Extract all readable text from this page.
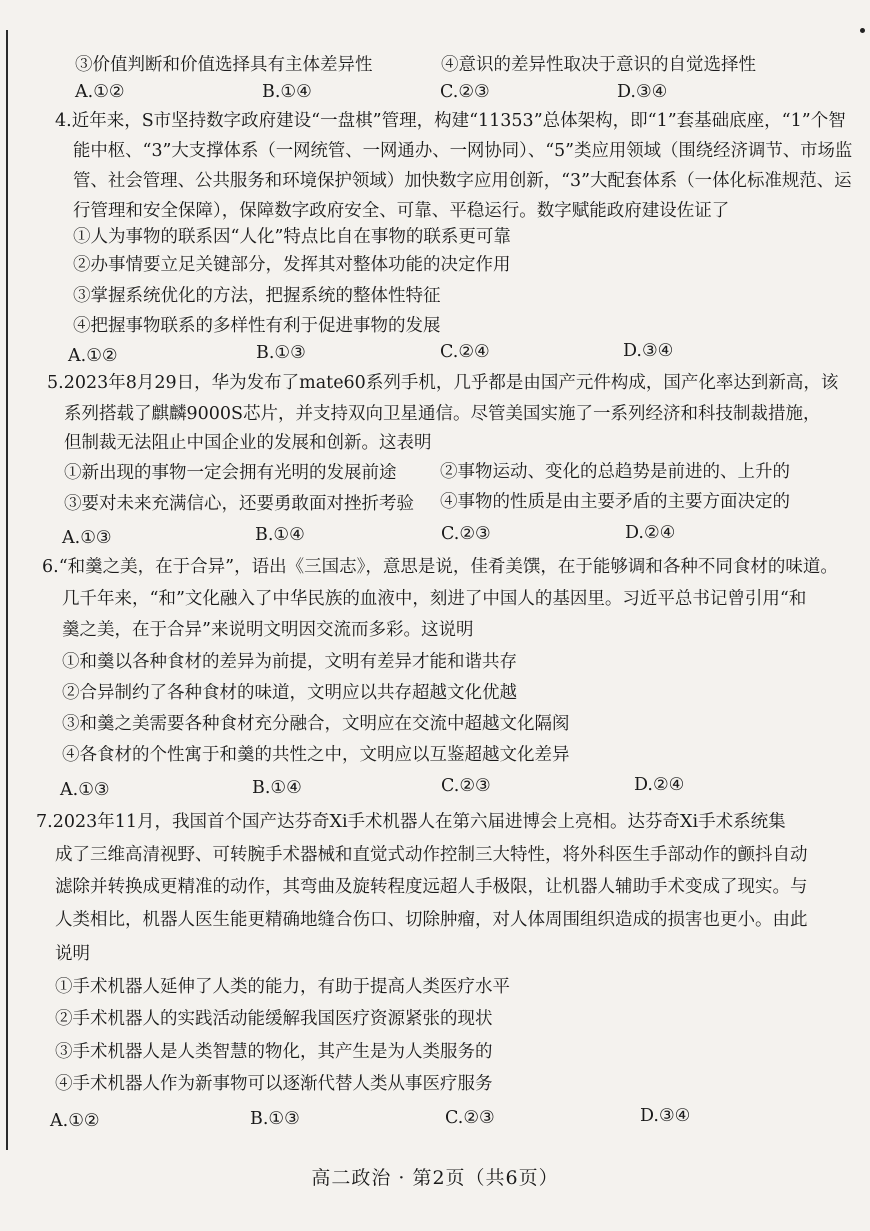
③价值判断和价值选择具有主体差异性	④意识的差异性取决于意识的自觉选择性
A.①②	B.①④	C.②③	D.③④
4.近年来，S市坚持数字政府建设“一盘棋”管理，构建“11353”总体架构，即“1”套基础底座，“1”个智
能中枢、“3”大支撑体系（一网统管、一网通办、一网协同）、“5”类应用领域（围绕经济调节、市场监
管、社会管理、公共服务和环境保护领域）加快数字应用创新，“3”大配套体系（一体化标准规范、运
行管理和安全保障），保障数字政府安全、可靠、平稳运行。数字赋能政府建设佐证了
①人为事物的联系因“人化”特点比自在事物的联系更可靠
②办事情要立足关键部分，发挥其对整体功能的决定作用
③掌握系统优化的方法，把握系统的整体性特征
④把握事物联系的多样性有利于促进事物的发展
A.①②	B.①③	C.②④	D.③④
5.2023年8月29日，华为发布了mate60系列手机，几乎都是由国产元件构成，国产化率达到新高，该
系列搭载了麒麟9000S芯片，并支持双向卫星通信。尽管美国实施了一系列经济和科技制裁措施，
但制裁无法阻止中国企业的发展和创新。这表明
①新出现的事物一定会拥有光明的发展前途 ②事物运动、变化的总趋势是前进的、上升的
③要对未来充满信心，还要勇敢面对挫折考验 ④事物的性质是由主要矛盾的主要方面决定的
A.①③	B.①④	C.②③	D.②④
6.“和羹之美，在于合异”，语出《三国志》，意思是说，佳肴美馔，在于能够调和各种不同食材的味道。
几千年来，“和”文化融入了中华民族的血液中，刻进了中国人的基因里。习近平总书记曾引用“和
羹之美，在于合异”来说明文明因交流而多彩。这说明
①和羹以各种食材的差异为前提，文明有差异才能和谐共存
②合异制约了各种食材的味道，文明应以共存超越文化优越
③和羹之美需要各种食材充分融合，文明应在交流中超越文化隔阂
④各食材的个性寓于和羹的共性之中，文明应以互鉴超越文化差异
A.①③	B.①④	C.②③	D.②④
7.2023年11月，我国首个国产达芬奇Xi手术机器人在第六届进博会上亮相。达芬奇Xi手术系统集
成了三维高清视野、可转腕手术器械和直觉式动作控制三大特性，将外科医生手部动作的颤抖自动
滤除并转换成更精准的动作，其弯曲及旋转程度远超人手极限，让机器人辅助手术变成了现实。与
人类相比，机器人医生能更精确地缝合伤口、切除肿瘤，对人体周围组织造成的损害也更小。由此
说明
①手术机器人延伸了人类的能力，有助于提高人类医疗水平
②手术机器人的实践活动能缓解我国医疗资源紧张的现状
③手术机器人是人类智慧的物化，其产生是为人类服务的
④手术机器人作为新事物可以逐渐代替人类从事医疗服务
A.①②	B.①③	C.②③	D.③④
高二政治 · 第2页（共6页）
